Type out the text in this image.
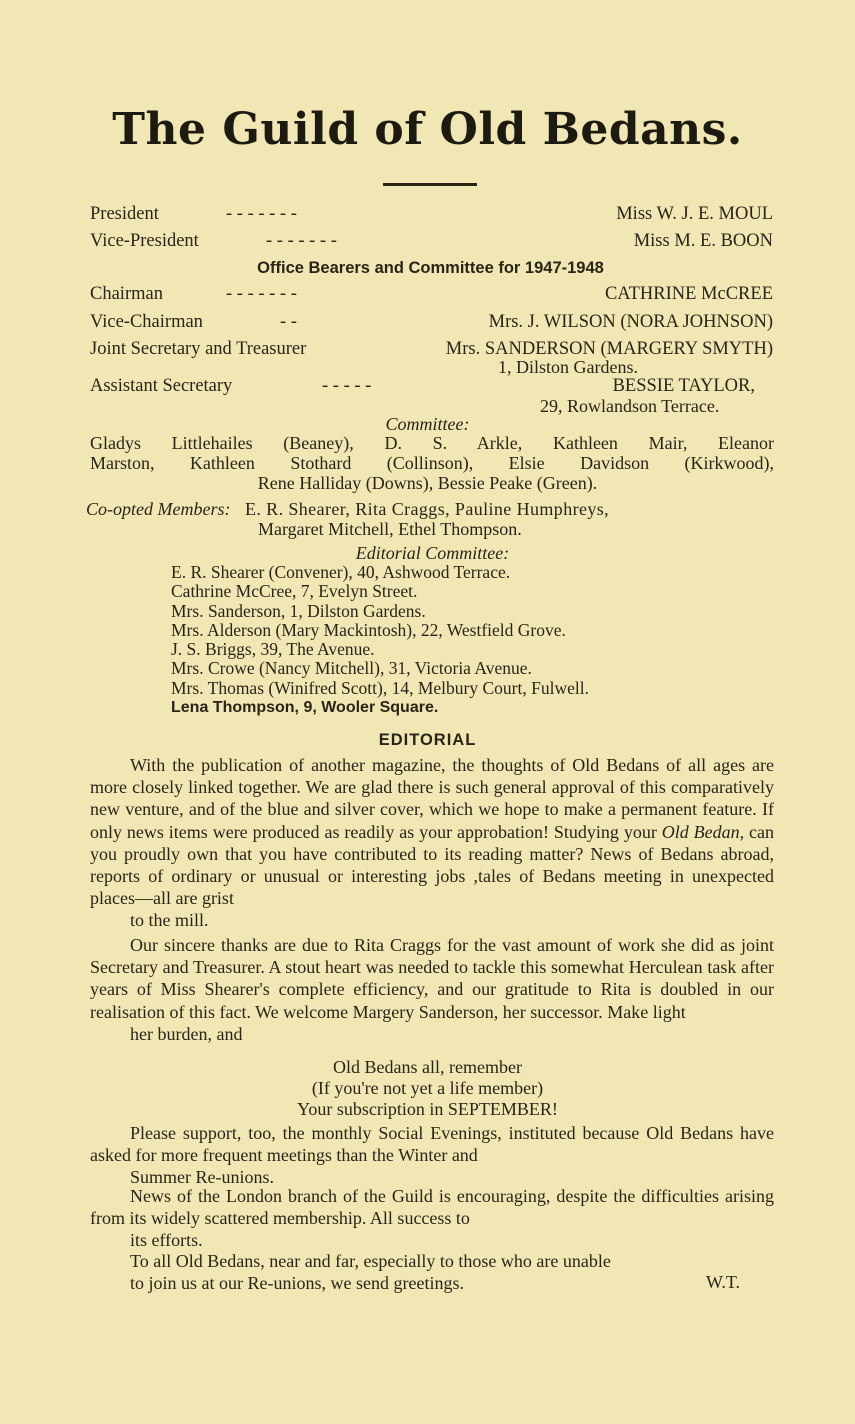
The Guild of Old Bedans.
President	- - - - - - -	Miss W. J. E. MOUL
Vice-President	- - - - - - -	Miss M. E. BOON
Office Bearers and Committee for 1947-1948
Chairman	- - - - - - -	CATHRINE McCREE
Vice-Chairman	- -	Mrs. J. WILSON (NORA JOHNSON)
Joint Secretary and Treasurer	Mrs. SANDERSON (MARGERY SMYTH)
1, Dilston Gardens.
Assistant Secretary	- - - - -	BESSIE TAYLOR,
29, Rowlandson Terrace.
Committee:
Gladys Littlehailes (Beaney), D. S. Arkle, Kathleen Mair, Eleanor
Marston, Kathleen Stothard (Collinson), Elsie Davidson (Kirkwood),
Rene Halliday (Downs), Bessie Peake (Green).
Co-opted Members: E. R. Shearer, Rita Craggs, Pauline Humphreys,
Margaret Mitchell, Ethel Thompson.
Editorial Committee:
E. R. Shearer (Convener), 40, Ashwood Terrace.
Cathrine McCree, 7, Evelyn Street.
Mrs. Sanderson, 1, Dilston Gardens.
Mrs. Alderson (Mary Mackintosh), 22, Westfield Grove.
J. S. Briggs, 39, The Avenue.
Mrs. Crowe (Nancy Mitchell), 31, Victoria Avenue.
Mrs. Thomas (Winifred Scott), 14, Melbury Court, Fulwell.
Lena Thompson, 9, Wooler Square.
EDITORIAL
With the publication of another magazine, the thoughts of Old Bedans of all ages are more closely linked together. We are glad there is such general approval of this comparatively new venture, and of the blue and silver cover, which we hope to make a permanent feature. If only news items were produced as readily as your approbation! Studying your Old Bedan, can you proudly own that you have contributed to its reading matter? News of Bedans abroad, reports of ordinary or unusual or interesting jobs ,tales of Bedans meeting in unexpected places—all are grist
to the mill.
Our sincere thanks are due to Rita Craggs for the vast amount of work she did as joint Secretary and Treasurer. A stout heart was needed to tackle this somewhat Herculean task after years of Miss Shearer's complete efficiency, and our gratitude to Rita is doubled in our realisation of this fact. We welcome Margery Sanderson, her successor. Make light
her burden, and
Old Bedans all, remember
(If you're not yet a life member)
Your subscription in SEPTEMBER!
Please support, too, the monthly Social Evenings, instituted because Old Bedans have asked for more frequent meetings than the Winter and
Summer Re-unions.
News of the London branch of the Guild is encouraging, despite the difficulties arising from its widely scattered membership. All success to
its efforts.
To all Old Bedans, near and far, especially to those who are unable
to join us at our Re-unions, we send greetings.	W.T.
